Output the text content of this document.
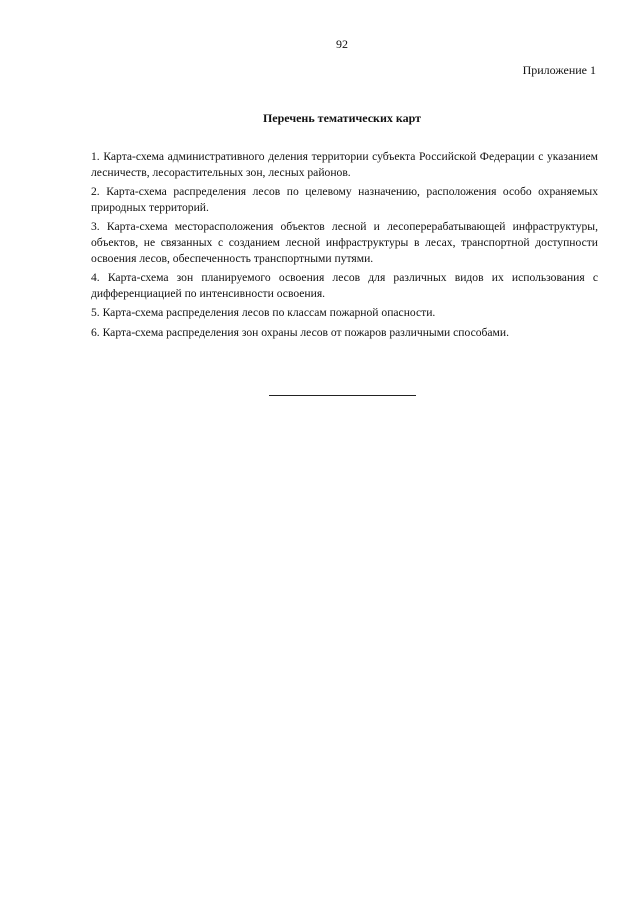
92
Приложение 1
Перечень тематических карт
1. Карта-схема административного деления территории субъекта Российской Федерации с указанием лесничеств, лесорастительных зон, лесных районов.
2. Карта-схема распределения лесов по целевому назначению, расположения особо охраняемых природных территорий.
3. Карта-схема месторасположения объектов лесной и лесоперерабатывающей инфраструктуры, объектов, не связанных с созданием лесной инфраструктуры в лесах, транспортной доступности освоения лесов, обеспеченность транспортными путями.
4. Карта-схема зон планируемого освоения лесов для различных видов их использования с дифференциацией по интенсивности освоения.
5. Карта-схема распределения лесов по классам пожарной опасности.
6. Карта-схема распределения зон охраны лесов от пожаров различными способами.
